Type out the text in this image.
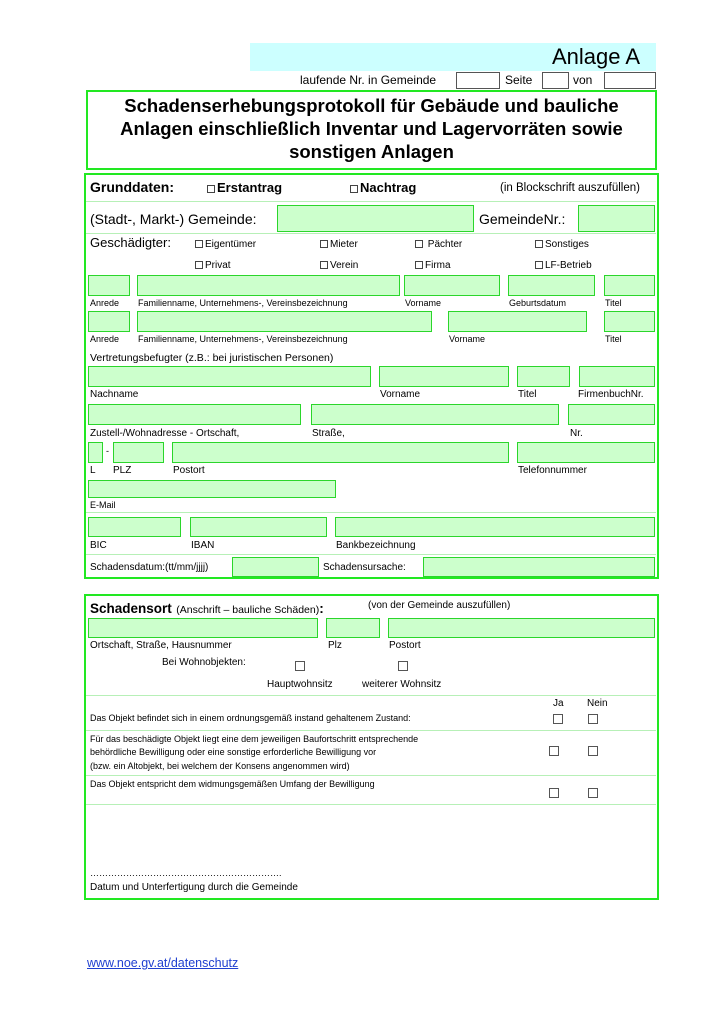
Anlage A
laufende Nr. in Gemeinde	Seite	von
Schadenserhebungsprotokoll für Gebäude und bauliche Anlagen einschließlich Inventar und Lagervorräten sowie sonstigen Anlagen
Grunddaten:	Erstantrag	Nachtrag	(in Blockschrift auszufüllen)
(Stadt-, Markt-) Gemeinde:	GemeindeNr.:
Geschädigter:	Eigentümer	Mieter	Pächter	Sonstiges
Privat	Verein	Firma	LF-Betrieb
Anrede Familienname, Unternehmens-, Vereinsbezeichnung	Vorname	Geburtsdatum	Titel
Anrede Familienname, Unternehmens-, Vereinsbezeichnung	Vorname	Titel
Vertretungsbefugter (z.B.: bei juristischen Personen)
Nachname	Vorname	Titel	FirmenbuchNr.
Zustell-/Wohnadresse - Ortschaft,	Straße,	Nr.
-
L PLZ	Postort	Telefonnummer
E-Mail
BIC	IBAN	Bankbezeichnung
Schadensdatum:(tt/mm/jjjj)	Schadensursache:
Schadensort (Anschrift – bauliche Schäden):	(von der Gemeinde auszufüllen)
Ortschaft, Straße, Hausnummer	Plz	Postort
Bei Wohnobjekten:
Hauptwohnsitz	weiterer Wohnsitz
Ja Nein
Das Objekt befindet sich in einem ordnungsgemäß instand gehaltenem Zustand:
Für das beschädigte Objekt liegt eine dem jeweiligen Baufortschritt entsprechende
behördliche Bewilligung oder eine sonstige erforderliche Bewilligung vor
(bzw. ein Altobjekt, bei welchem der Konsens angenommen wird)
Das Objekt entspricht dem widmungsgemäßen Umfang der Bewilligung
……………………………………………………….
Datum und Unterfertigung durch die Gemeinde
www.noe.gv.at/datenschutz
